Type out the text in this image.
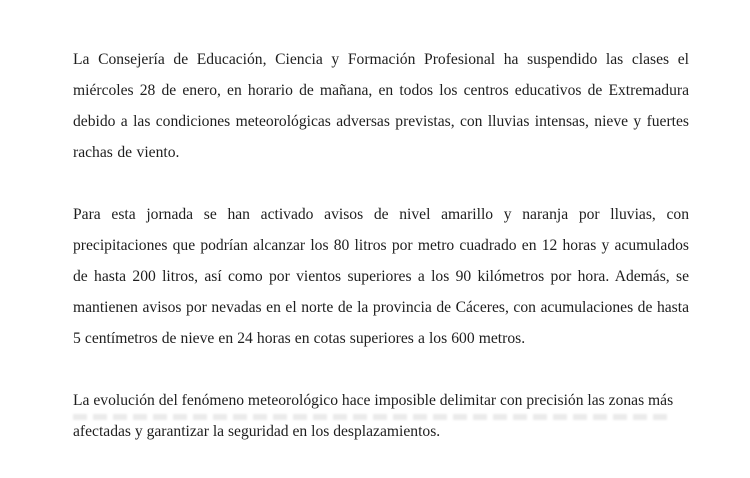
La Consejería de Educación, Ciencia y Formación Profesional ha suspendido las clases el miércoles 28 de enero, en horario de mañana, en todos los centros educativos de Extremadura debido a las condiciones meteorológicas adversas previstas, con lluvias intensas, nieve y fuertes rachas de viento.

Para esta jornada se han activado avisos de nivel amarillo y naranja por lluvias, con precipitaciones que podrían alcanzar los 80 litros por metro cuadrado en 12 horas y acumulados de hasta 200 litros, así como por vientos superiores a los 90 kilómetros por hora. Además, se mantienen avisos por nevadas en el norte de la provincia de Cáceres, con acumulaciones de hasta 5 centímetros de nieve en 24 horas en cotas superiores a los 600 metros.

La evolución del fenómeno meteorológico hace imposible delimitar con precisión las zonas más afectadas y garantizar la seguridad en los desplazamientos.
